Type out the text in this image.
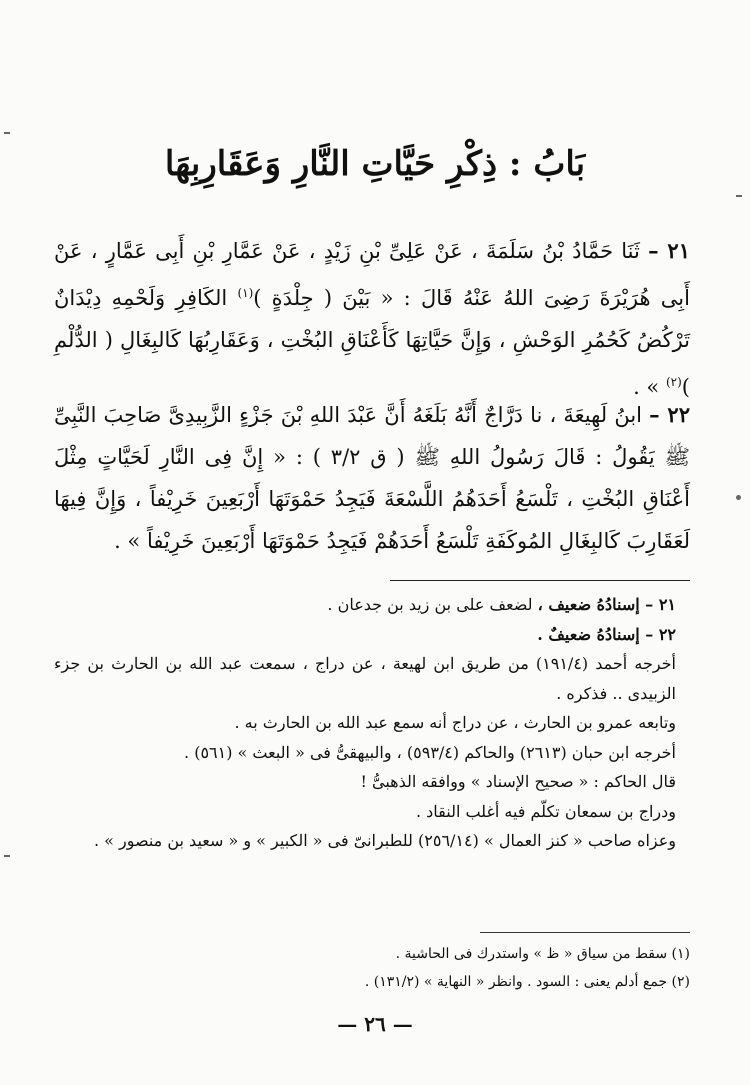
بَابُ : ذِكْرِ حَيَّاتِ النَّارِ وَعَقَارِبِهَا

٢١ – ثَنَا حَمَّادُ بْنُ سَلَمَةَ ، عَنْ عَلِىِّ بْنِ زَيْدٍ ، عَنْ عَمَّارِ بْنِ أَبِى عَمَّارٍ ، عَنْ أَبِى هُرَيْرَةَ رَضِىَ اللهُ عَنْهُ قَالَ : « بَيْنَ ( جِلْدَةٍ )$^{(١)}$ الكَافِرِ وَلَحْمِهِ دِيْدَانٌ تَرْكُضُ كَحُمُرِ الوَحْشِ ، وَإِنَّ حَيَّاتِهَا كَأَعْنَاقِ البُخْتِ ، وَعَقَارِبُهَا كَالبِغَالِ ( الدُّلْمِ )$^{(٢)}$ » .

٢٢ – ابنُ لَهِيعَةَ ، نا دَرَّاجٌ أَنَّهُ بَلَغَهُ أَنَّ عَبْدَ اللهِ بْنَ جَزْءٍ الزَّبِيدِىَّ صَاحِبَ النَّبِىِّ ﷺ يَقُولُ : قَالَ رَسُولُ اللهِ ﷺ ( ق ٣/٢ ) : « إِنَّ فِى النَّارِ لَحَيَّاتٍ مِثْلَ أَعْنَاقِ البُخْتِ ، تَلْسَعُ أَحَدَهُمُ اللَّسْعَةَ فَيَجِدُ حَمْوَتَهَا أَرْبَعِينَ خَرِيْفاً ، وَإِنَّ فِيهَا لَعَقَارِبَ كَالبِغَالِ المُوكَفَةِ تَلْسَعُ أَحَدَهُمْ فَيَجِدُ حَمْوَتَهَا أَرْبَعِينَ خَرِيْفاً » .

٢١ – إسنادُهُ ضعيف ، لضعف على بن زيد بن جدعان .

٢٢ – إسنادُهُ ضعيفٌ .

أخرجه أحمد (١٩١/٤) من طريق ابن لهيعة ، عن دراج ، سمعت عبد الله بن الحارث بن جزء الزبيدى .. فذكره .

وتابعه عمرو بن الحارث ، عن دراج أنه سمع عبد الله بن الحارث به .

أخرجه ابن حبان (٢٦١٣) والحاكم (٥٩٣/٤) ، والبيهقىُّ فى « البعث » (٥٦١) .

قال الحاكم : « صحيح الإسناد » ووافقه الذهبىُّ !

ودراج بن سمعان تكلّم فيه أغلب النقاد .

وعزاه صاحب « كنز العمال » (٢٥٦/١٤) للطبرانىّ فى « الكبير » و « سعيد بن منصور » .

(١) سقط من سياق « ظ » واستدرك فى الحاشية .

(٢) جمع أدلم يعنى : السود . وانظر « النهاية » (١٣١/٢) .

— ٢٦ —
